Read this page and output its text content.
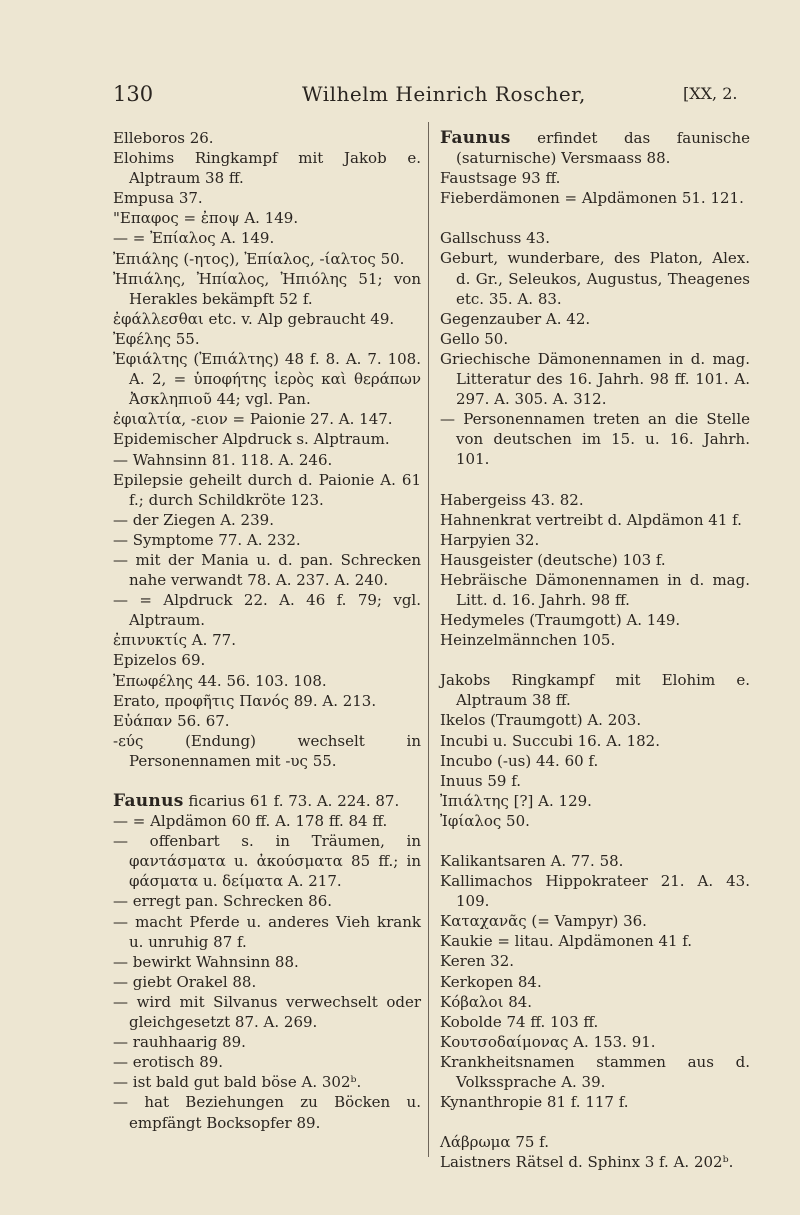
130	Wilhelm Heinrich Roscher,	[XX, 2.

Elleboros 26.

Elohims Ringkampf mit Jakob e. Alptraum 38 ff.

Empusa 37.

"Επαφος = ἐποψ A. 149.

— = Ἐπίαλος A. 149.

Ἐπιάλης (-ητος), Ἐπίαλος, -ίαλτος 50.

Ἠπιάλης, Ἠπίαλος, Ἠπιόλης 51; von Herakles bekämpft 52 f.

ἐφάλλεσθαι etc. v. Alp gebraucht 49.

Ἐφέλης 55.

Ἐφιάλτης (Ἐπιάλτης) 48 f. 8. A. 7. 108. A. 2, = ὑποφήτης ἱερὸς καὶ θεράπων Ἀσκληπιοῦ 44; vgl. Pan.

ἐφιαλτία, -ειον = Paionie 27. A. 147.

Epidemischer Alpdruck s. Alptraum.

— Wahnsinn 81. 118. A. 246.

Epilepsie geheilt durch d. Paionie A. 61 f.; durch Schildkröte 123.

— der Ziegen A. 239.

— Symptome 77. A. 232.

— mit der Mania u. d. pan. Schrecken nahe verwandt 78. A. 237. A. 240.

— = Alpdruck 22. A. 46 f. 79; vgl. Alptraum.

ἐπινυκτίς A. 77.

Epizelos 69.

Ἐπωφέλης 44. 56. 103. 108.

Erato, προφῆτις Πανός 89. A. 213.

Εὐάπαν 56. 67.

-εύς (Endung) wechselt in Personennamen mit -υς 55.

Faunus ficarius 61 f. 73. A. 224. 87.

— = Alpdämon 60 ff. A. 178 ff. 84 ff.

— offenbart s. in Träumen, in φαντάσματα u. ἀκούσματα 85 ff.; in φάσματα u. δείματα A. 217.

— erregt pan. Schrecken 86.

— macht Pferde u. anderes Vieh krank u. unruhig 87 f.

— bewirkt Wahnsinn 88.

— giebt Orakel 88.

— wird mit Silvanus verwechselt oder gleichgesetzt 87. A. 269.

— rauhhaarig 89.

— erotisch 89.

— ist bald gut bald böse A. 302ᵇ.

— hat Beziehungen zu Böcken u. empfängt Bocksopfer 89.

Faunus erfindet das faunische (saturnische) Versmaass 88.

Faustsage 93 ff.

Fieberdämonen = Alpdämonen 51. 121.

Gallschuss 43.

Geburt, wunderbare, des Platon, Alex. d. Gr., Seleukos, Augustus, Theagenes etc. 35. A. 83.

Gegenzauber A. 42.

Gello 50.

Griechische Dämonennamen in d. mag. Litteratur des 16. Jahrh. 98 ff. 101. A. 297. A. 305. A. 312.

— Personennamen treten an die Stelle von deutschen im 15. u. 16. Jahrh. 101.

Habergeiss 43. 82.

Hahnenkrat vertreibt d. Alpdämon 41 f.

Harpyien 32.

Hausgeister (deutsche) 103 f.

Hebräische Dämonennamen in d. mag. Litt. d. 16. Jahrh. 98 ff.

Hedymeles (Traumgott) A. 149.

Heinzelmännchen 105.

Jakobs Ringkampf mit Elohim e. Alptraum 38 ff.

Ikelos (Traumgott) A. 203.

Incubi u. Succubi 16. A. 182.

Incubo (-us) 44. 60 f.

Inuus 59 f.

Ἰπιάλτης [?] A. 129.

Ἰφίαλος 50.

Kalikantsaren A. 77. 58.

Kallimachos Hippokrateer 21. A. 43. 109.

Καταχανᾶς (= Vampyr) 36.

Kaukie = litau. Alpdämonen 41 f.

Keren 32.

Kerkopen 84.

Κόβαλοι 84.

Kobolde 74 ff. 103 ff.

Κουτσοδαίμονας A. 153. 91.

Krankheitsnamen stammen aus d. Volkssprache A. 39.

Kynanthropie 81 f. 117 f.

Λάβρωμα 75 f.

Laistners Rätsel d. Sphinx 3 f. A. 202ᵇ.
